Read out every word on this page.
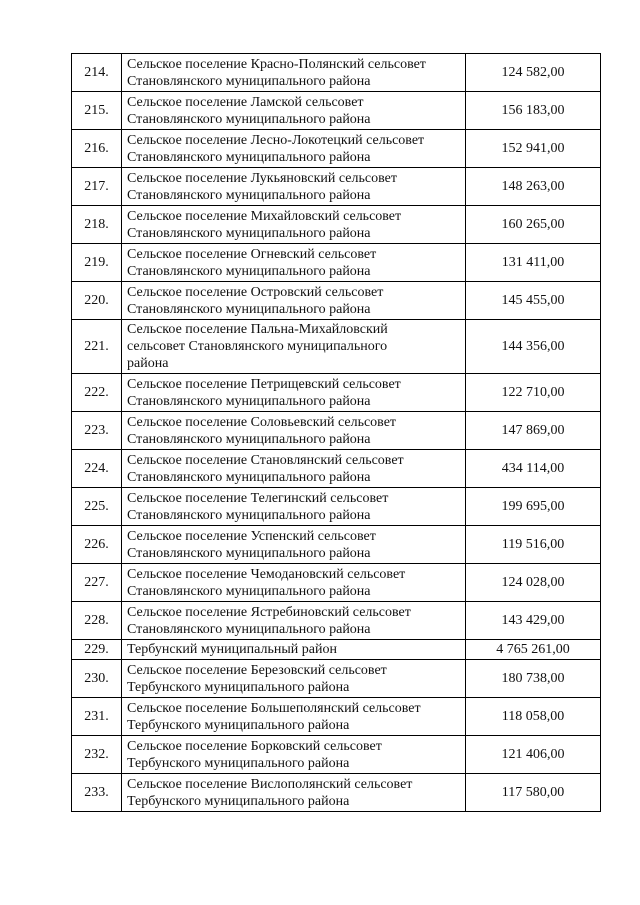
214.	Сельское поселение Красно-Полянский сельсовет
Становлянского муниципального района	124 582,00
215.	Сельское поселение Ламской сельсовет
Становлянского муниципального района	156 183,00
216.	Сельское поселение Лесно-Локотецкий сельсовет
Становлянского муниципального района	152 941,00
217.	Сельское поселение Лукьяновский сельсовет
Становлянского муниципального района	148 263,00
218.	Сельское поселение Михайловский сельсовет
Становлянского муниципального района	160 265,00
219.	Сельское поселение Огневский сельсовет
Становлянского муниципального района	131 411,00
220.	Сельское поселение Островский сельсовет
Становлянского муниципального района	145 455,00
221.	Сельское поселение Пальна-Михайловский
сельсовет Становлянского муниципального
района	144 356,00
222.	Сельское поселение Петрищевский сельсовет
Становлянского муниципального района	122 710,00
223.	Сельское поселение Соловьевский сельсовет
Становлянского муниципального района	147 869,00
224.	Сельское поселение Становлянский сельсовет
Становлянского муниципального района	434 114,00
225.	Сельское поселение Телегинский сельсовет
Становлянского муниципального района	199 695,00
226.	Сельское поселение Успенский сельсовет
Становлянского муниципального района	119 516,00
227.	Сельское поселение Чемодановский сельсовет
Становлянского муниципального района	124 028,00
228.	Сельское поселение Ястребиновский сельсовет
Становлянского муниципального района	143 429,00
229.	Тербунский муниципальный район	4 765 261,00
230.	Сельское поселение Березовский сельсовет
Тербунского муниципального района	180 738,00
231.	Сельское поселение Большеполянский сельсовет
Тербунского муниципального района	118 058,00
232.	Сельское поселение Борковский сельсовет
Тербунского муниципального района	121 406,00
233.	Сельское поселение Вислополянский сельсовет
Тербунского муниципального района	117 580,00
